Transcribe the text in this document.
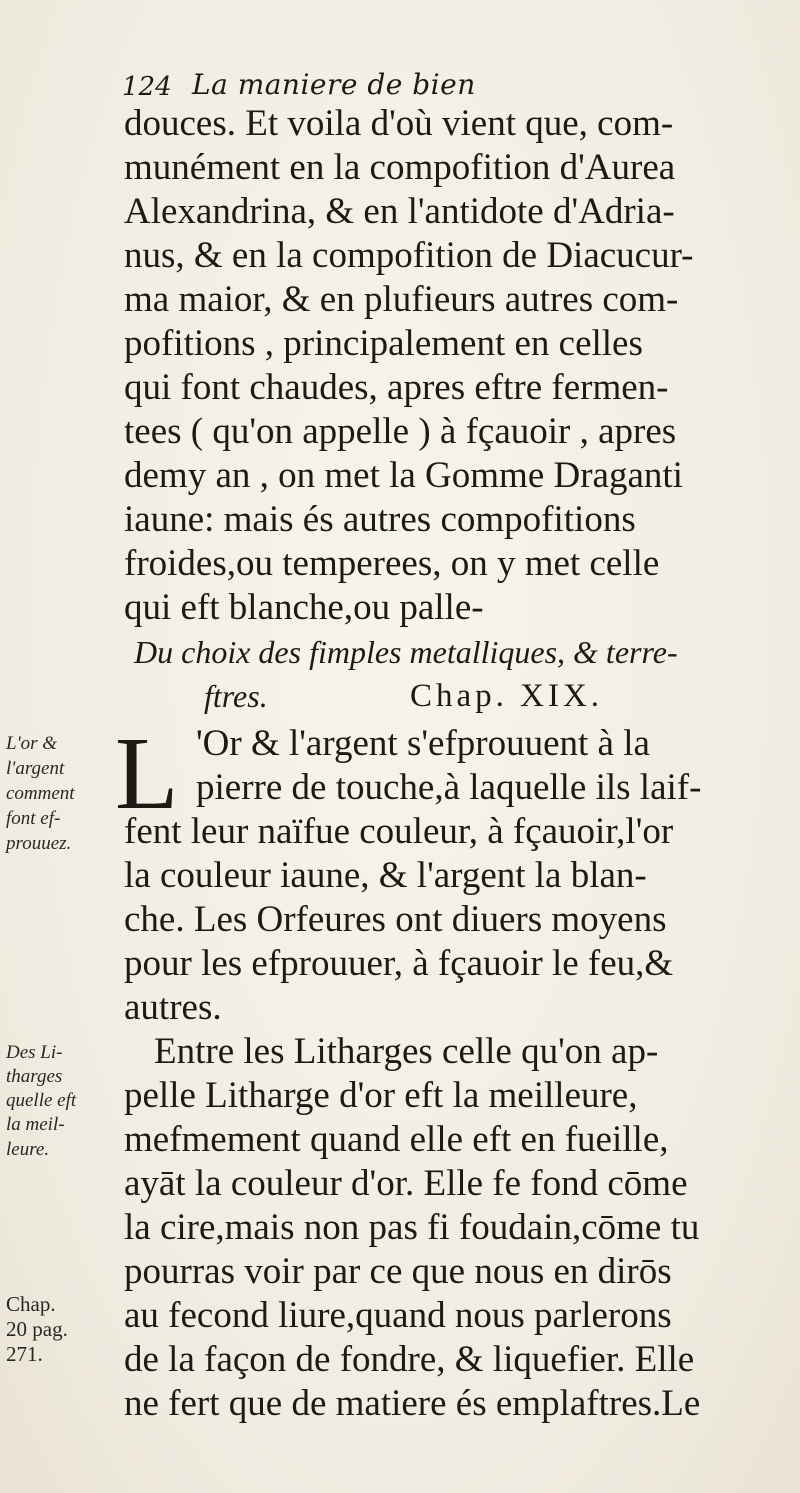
124 La maniere de bien
douces. Et voila d'où vient que, com-
munément en la compofition d'Aurea
Alexandrina, & en l'antidote d'Adria-
nus, & en la compofition de Diacucur-
ma maior, & en plufieurs autres com-
pofitions , principalement en celles
qui font chaudes, apres eftre fermen-
tees ( qu'on appelle ) à fçauoir , apres
demy an , on met la Gomme Draganti
iaune: mais és autres compofitions
froides,ou temperees, on y met celle
qui eft blanche,ou palle-
Du choix des fimples metalliques, & terre-
ftres.	Chap. XIX.
L 'Or & l'argent s'efprouuent à la
pierre de touche,à laquelle ils laif-
fent leur naïfue couleur, à fçauoir,l'or
la couleur iaune, & l'argent la blan-
che. Les Orfeures ont diuers moyens
pour les efprouuer, à fçauoir le feu,&
autres.
Entre les Litharges celle qu'on ap-
pelle Litharge d'or eft la meilleure,
mefmement quand elle eft en fueille,
ayāt la couleur d'or. Elle fe fond cōme
la cire,mais non pas fi foudain,cōme tu
pourras voir par ce que nous en dirōs
au fecond liure,quand nous parlerons
de la façon de fondre, & liquefier. Elle
ne fert que de matiere és emplaftres.Le
L'or &
l'argent
comment
font ef-
prouuez.
Des Li-
tharges
quelle eft
la meil-
leure.
Chap.
20 pag.
271.
